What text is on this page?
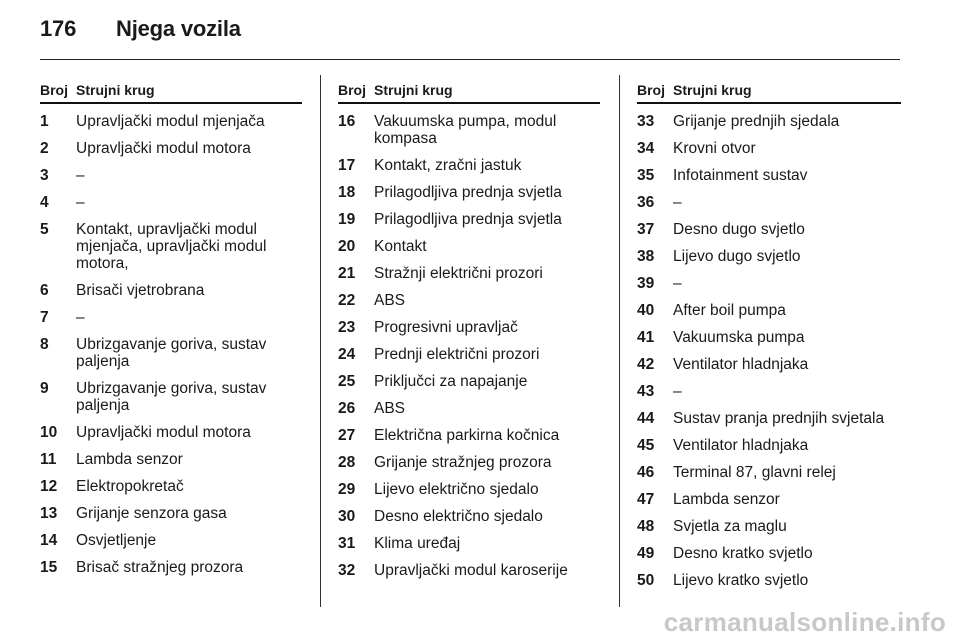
176 Njega vozila
Broj Strujni krug
1	Upravljački modul mjenjača
2	Upravljački modul motora
3	–
4	–
5	Kontakt, upravljački modul mjenjača, upravljački modul motora,
6	Brisači vjetrobrana
7	–
8	Ubrizgavanje goriva, sustav paljenja
9	Ubrizgavanje goriva, sustav paljenja
10	Upravljački modul motora
11	Lambda senzor
12	Elektropokretač
13	Grijanje senzora gasa
14	Osvjetljenje
15	Brisač stražnjeg prozora
Broj Strujni krug
16	Vakuumska pumpa, modul kompasa
17	Kontakt, zračni jastuk
18	Prilagodljiva prednja svjetla
19	Prilagodljiva prednja svjetla
20	Kontakt
21	Stražnji električni prozori
22	ABS
23	Progresivni upravljač
24	Prednji električni prozori
25	Priključci za napajanje
26	ABS
27	Električna parkirna kočnica
28	Grijanje stražnjeg prozora
29	Lijevo električno sjedalo
30	Desno električno sjedalo
31	Klima uređaj
32	Upravljački modul karoserije
Broj Strujni krug
33	Grijanje prednjih sjedala
34	Krovni otvor
35	Infotainment sustav
36	–
37	Desno dugo svjetlo
38	Lijevo dugo svjetlo
39	–
40	After boil pumpa
41	Vakuumska pumpa
42	Ventilator hladnjaka
43	–
44	Sustav pranja prednjih svjetala
45	Ventilator hladnjaka
46	Terminal 87, glavni relej
47	Lambda senzor
48	Svjetla za maglu
49	Desno kratko svjetlo
50	Lijevo kratko svjetlo
carmanualsonline.info
